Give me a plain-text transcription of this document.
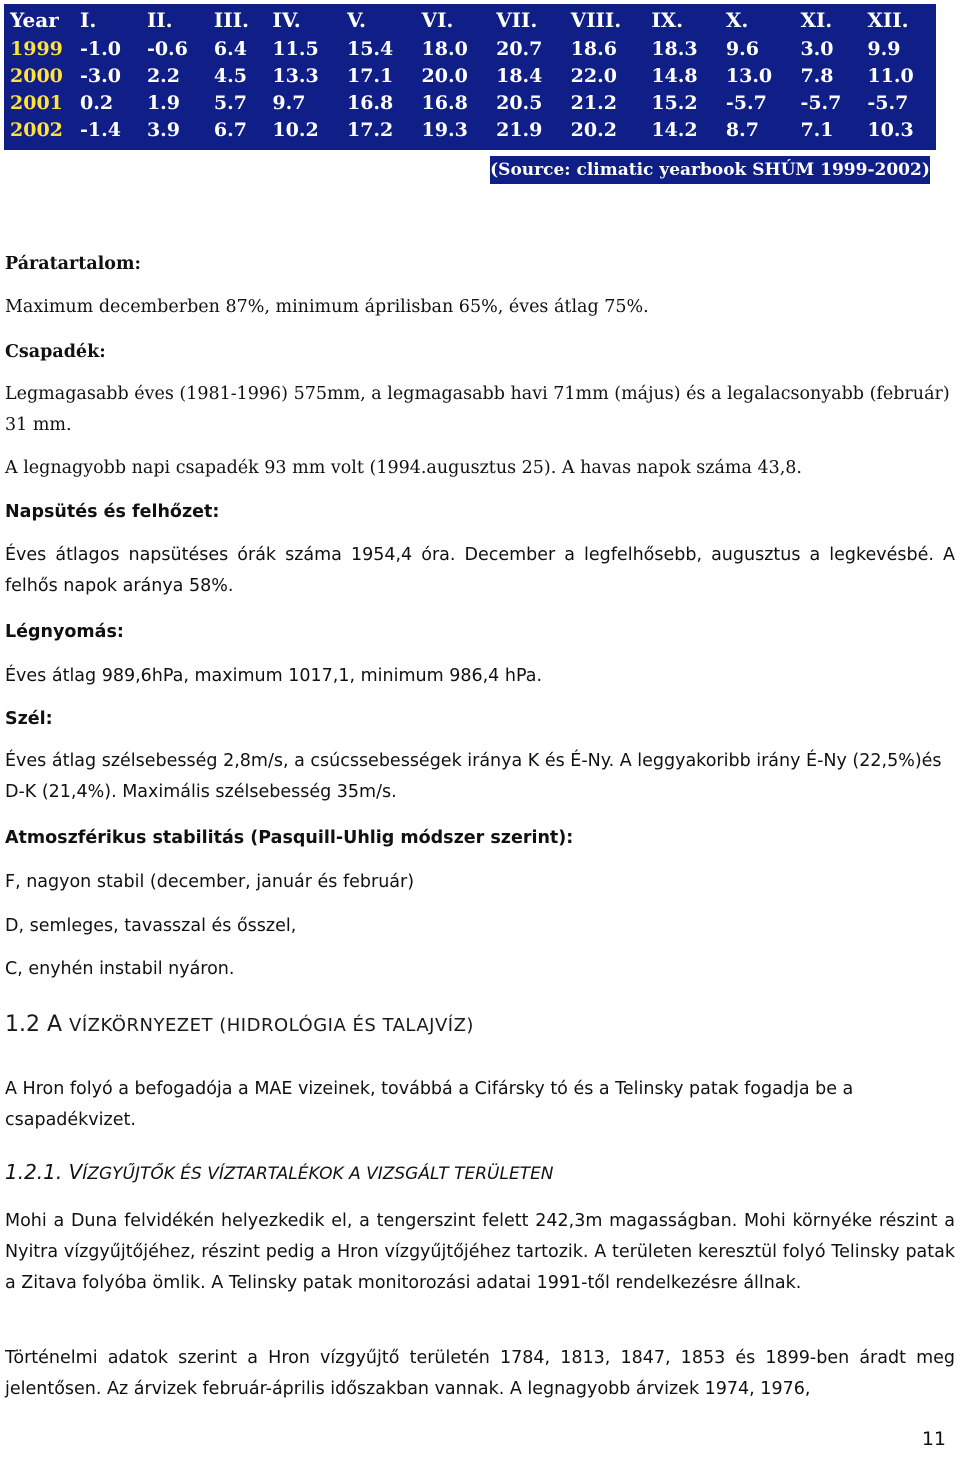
Year	I.	II.	III.	IV.	V.	VI.	VII.	VIII.	IX.	X.	XI.	XII.
1999	-1.0	-0.6	6.4	11.5	15.4	18.0	20.7	18.6	18.3	9.6	3.0	9.9
2000	-3.0	2.2	4.5	13.3	17.1	20.0	18.4	22.0	14.8	13.0	7.8	11.0
2001	0.2	1.9	5.7	9.7	16.8	16.8	20.5	21.2	15.2	-5.7	-5.7	-5.7
2002	-1.4	3.9	6.7	10.2	17.2	19.3	21.9	20.2	14.2	8.7	7.1	10.3
(Source: climatic yearbook SHÚM 1999-2002)
Páratartalom:
Maximum decemberben 87%, minimum áprilisban 65%, éves átlag 75%.
Csapadék:
Legmagasabb éves (1981-1996) 575mm, a legmagasabb havi 71mm (május) és a legalacsonyabb (február) 31 mm.
A legnagyobb napi csapadék 93 mm volt (1994.augusztus 25). A havas napok száma 43,8.
Napsütés és felhőzet:
Éves átlagos napsütéses órák száma 1954,4 óra. December a legfelhősebb, augusztus a legkevésbé. A felhős napok aránya 58%.
Légnyomás:
Éves átlag 989,6hPa, maximum 1017,1, minimum 986,4 hPa.
Szél:
Éves átlag szélsebesség 2,8m/s, a csúcssebességek iránya K és É-Ny. A leggyakoribb irány É-Ny (22,5%)és D-K (21,4%). Maximális szélsebesség 35m/s.
Atmoszférikus stabilitás (Pasquill-Uhlig módszer szerint):
F, nagyon stabil (december, január és február)
D, semleges, tavasszal és ősszel,
C, enyhén instabil nyáron.
1.2 A VÍZKÖRNYEZET (HIDROLÓGIA ÉS TALAJVÍZ)
A Hron folyó a befogadója a MAE vizeinek, továbbá a Cifársky tó és a Telinsky patak fogadja be a csapadékvizet.
1.2.1. VÍZGYŰJTŐK ÉS VÍZTARTALÉKOK A VIZSGÁLT TERÜLETEN
Mohi a Duna felvidékén helyezkedik el, a tengerszint felett 242,3m magasságban. Mohi környéke részint a Nyitra vízgyűjtőjéhez, részint pedig a Hron vízgyűjtőjéhez tartozik. A területen keresztül folyó Telinsky patak a Zitava folyóba ömlik. A Telinsky patak monitorozási adatai 1991-től rendelkezésre állnak.
Történelmi adatok szerint a Hron vízgyűjtő területén 1784, 1813, 1847, 1853 és 1899-ben áradt meg jelentősen. Az árvizek február-április időszakban vannak. A legnagyobb árvizek 1974, 1976,
11
